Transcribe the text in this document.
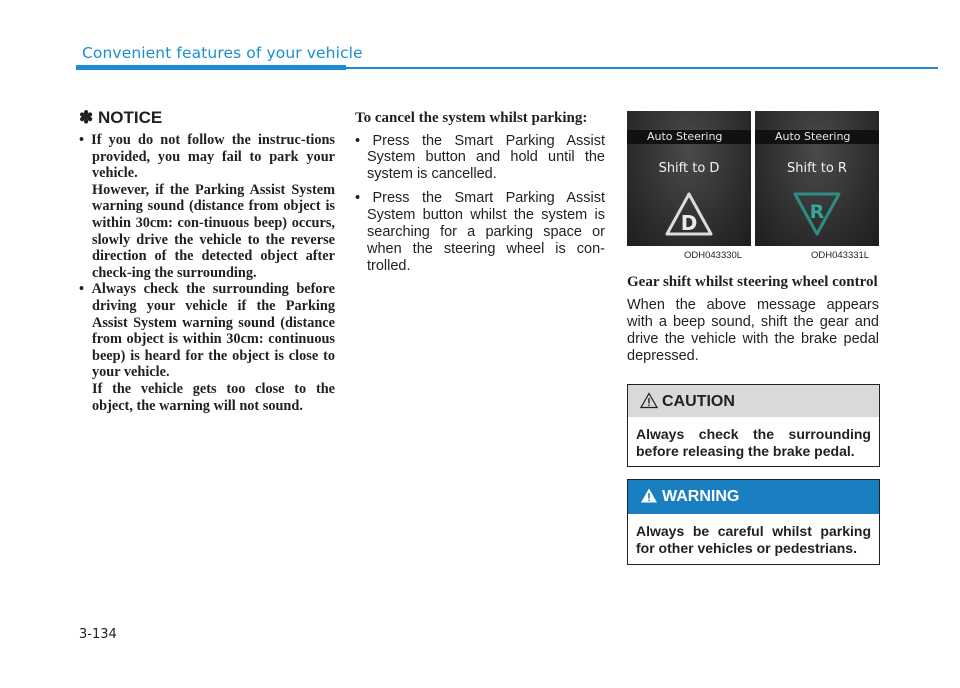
Convenient features of your vehicle
✽ NOTICE
• If you do not follow the instruc-tions provided, you may fail to park your vehicle.
However, if the Parking Assist System warning sound (distance from object is within 30cm: con-tinuous beep) occurs, slowly drive the vehicle to the reverse direction of the detected object after check-ing the surrounding.
• Always check the surrounding before driving your vehicle if the Parking Assist System warning sound (distance from object is within 30cm: continuous beep) is heard for the object is close to your vehicle.
If the vehicle gets too close to the object, the warning will not sound.
To cancel the system whilst parking:
• Press the Smart Parking Assist System button and hold until the system is cancelled.
• Press the Smart Parking Assist System button whilst the system is searching for a parking space or when the steering wheel is con-trolled.
Auto Steering
Shift to D
D
Auto Steering
Shift to R
R
ODH043330L	ODH043331L
Gear shift whilst steering wheel control

When the above message appears with a beep sound, shift the gear and drive the vehicle with the brake pedal depressed.

CAUTION
Always check the surrounding before releasing the brake pedal.
WARNING
Always be careful whilst parking for other vehicles or pedestrians.
3-134
